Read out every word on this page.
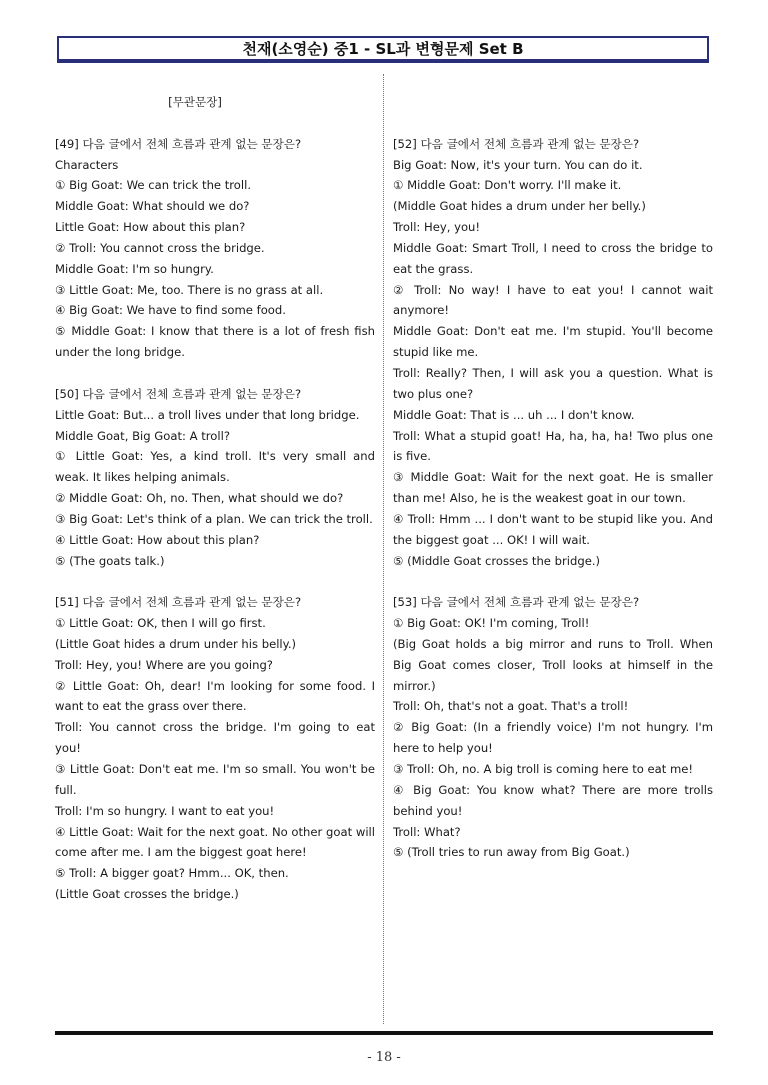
천재(소영순) 중1 - SL과 변형문제 Set B

[무관문장]

[49] 다음 글에서 전체 흐름과 관계 없는 문장은?

Characters

① Big Goat: We can trick the troll.

Middle Goat: What should we do?

Little Goat: How about this plan?

② Troll: You cannot cross the bridge.

Middle Goat: I'm so hungry.

③ Little Goat: Me, too. There is no grass at all.

④ Big Goat: We have to find some food.

⑤ Middle Goat: I know that there is a lot of fresh fish under the long bridge.

[50] 다음 글에서 전체 흐름과 관계 없는 문장은?

Little Goat: But... a troll lives under that long bridge.

Middle Goat, Big Goat: A troll?

① Little Goat: Yes, a kind troll. It's very small and weak. It likes helping animals.

② Middle Goat: Oh, no. Then, what should we do?

③ Big Goat: Let's think of a plan. We can trick the troll.

④ Little Goat: How about this plan?

⑤ (The goats talk.)

[51] 다음 글에서 전체 흐름과 관계 없는 문장은?

① Little Goat: OK, then I will go first.

(Little Goat hides a drum under his belly.)

Troll: Hey, you! Where are you going?

② Little Goat: Oh, dear! I'm looking for some food. I want to eat the grass over there.

Troll: You cannot cross the bridge. I'm going to eat you!

③ Little Goat: Don't eat me. I'm so small. You won't be full.

Troll: I'm so hungry. I want to eat you!

④ Little Goat: Wait for the next goat. No other goat will come after me. I am the biggest goat here!

⑤ Troll: A bigger goat? Hmm... OK, then.

(Little Goat crosses the bridge.)

[52] 다음 글에서 전체 흐름과 관계 없는 문장은?

Big Goat: Now, it's your turn. You can do it.

① Middle Goat: Don't worry. I'll make it.

(Middle Goat hides a drum under her belly.)

Troll: Hey, you!

Middle Goat: Smart Troll, I need to cross the bridge to eat the grass.

② Troll: No way! I have to eat you! I cannot wait anymore!

Middle Goat: Don't eat me. I'm stupid. You'll become stupid like me.

Troll: Really? Then, I will ask you a question. What is two plus one?

Middle Goat: That is ... uh ... I don't know.

Troll: What a stupid goat! Ha, ha, ha, ha! Two plus one is five.

③ Middle Goat: Wait for the next goat. He is smaller than me! Also, he is the weakest goat in our town.

④ Troll: Hmm ... I don't want to be stupid like you. And the biggest goat ... OK! I will wait.

⑤ (Middle Goat crosses the bridge.)

[53] 다음 글에서 전체 흐름과 관계 없는 문장은?

① Big Goat: OK! I'm coming, Troll!

(Big Goat holds a big mirror and runs to Troll. When Big Goat comes closer, Troll looks at himself in the mirror.)

Troll: Oh, that's not a goat. That's a troll!

② Big Goat: (In a friendly voice) I'm not hungry. I'm here to help you!

③ Troll: Oh, no. A big troll is coming here to eat me!

④ Big Goat: You know what? There are more trolls behind you!

Troll: What?

⑤ (Troll tries to run away from Big Goat.)

- 18 -
